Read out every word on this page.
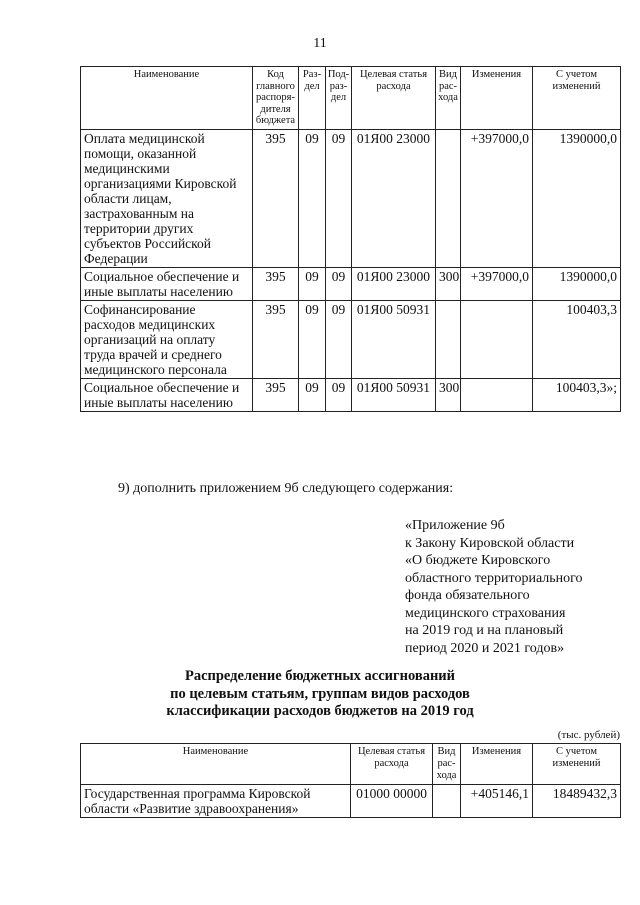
11
Наименование	Код главного распоря-дителя бюджета	Раз-дел	Под-раз-дел	Целевая статья расхода	Вид рас-хода	Изменения	С учетом изменений
Оплата медицинской помощи, оказанной медицинскими организациями Кировской области лицам, застрахованным на территории других субъектов Российской Федерации	395	09	09	01Я00 23000		+397000,0	1390000,0
Социальное обеспечение и иные выплаты населению	395	09	09	01Я00 23000	300	+397000,0	1390000,0
Софинансирование расходов медицинских организаций на оплату труда врачей и среднего медицинского персонала	395	09	09	01Я00 50931			100403,3
Социальное обеспечение и иные выплаты населению	395	09	09	01Я00 50931	300		100403,3»;
9) дополнить приложением 9б следующего содержания:
«Приложение 9б
к Закону Кировской области
«О бюджете Кировского
областного территориального
фонда обязательного
медицинского страхования
на 2019 год и на плановый
период 2020 и 2021 годов»
Распределение бюджетных ассигнований
по целевым статьям, группам видов расходов
классификации расходов бюджетов на 2019 год
(тыс. рублей)
Наименование	Целевая статья расхода	Вид рас-хода	Изменения	С учетом изменений
Государственная программа Кировской области «Развитие здравоохранения»	01000 00000		+405146,1	18489432,3
